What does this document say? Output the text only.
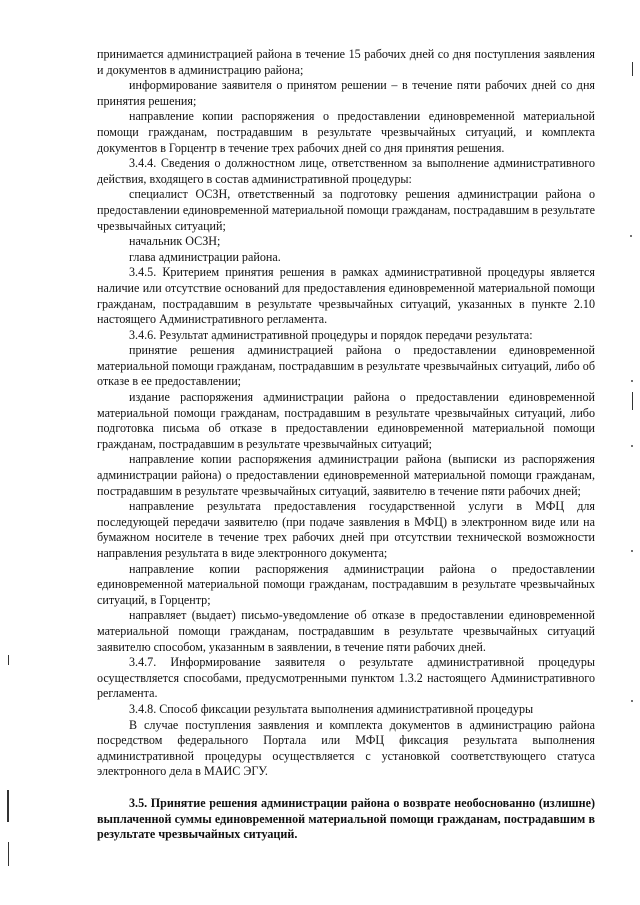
принимается администрацией района в течение 15 рабочих дней со дня поступления заявления и документов в администрацию района;

информирование заявителя о принятом решении – в течение пяти рабочих дней со дня принятия решения;

направление копии распоряжения о предоставлении единовременной материальной помощи гражданам, пострадавшим в результате чрезвычайных ситуаций, и комплекта документов в Горцентр в течение трех рабочих дней со дня принятия решения.

3.4.4. Сведения о должностном лице, ответственном за выполнение административного действия, входящего в состав административной процедуры:

специалист ОСЗН, ответственный за подготовку решения администрации района о предоставлении единовременной материальной помощи гражданам, пострадавшим в результате чрезвычайных ситуаций;

начальник ОСЗН;

глава администрации района.

3.4.5. Критерием принятия решения в рамках административной процедуры является наличие или отсутствие оснований для предоставления единовременной материальной помощи гражданам, пострадавшим в результате чрезвычайных ситуаций, указанных в пункте 2.10 настоящего Административного регламента.

3.4.6. Результат административной процедуры и порядок передачи результата:

принятие решения администрацией района о предоставлении единовременной материальной помощи гражданам, пострадавшим в результате чрезвычайных ситуаций, либо об отказе в ее предоставлении;

издание распоряжения администрации района о предоставлении единовременной материальной помощи гражданам, пострадавшим в результате чрезвычайных ситуаций, либо подготовка письма об отказе в предоставлении единовременной материальной помощи гражданам, пострадавшим в результате чрезвычайных ситуаций;

направление копии распоряжения администрации района (выписки из распоряжения администрации района) о предоставлении единовременной материальной помощи гражданам, пострадавшим в результате чрезвычайных ситуаций, заявителю в течение пяти рабочих дней;

направление результата предоставления государственной услуги в МФЦ для последующей передачи заявителю (при подаче заявления в МФЦ) в электронном виде или на бумажном носителе в течение трех рабочих дней при отсутствии технической возможности направления результата в виде электронного документа;

направление копии распоряжения администрации района о предоставлении единовременной материальной помощи гражданам, пострадавшим в результате чрезвычайных ситуаций, в Горцентр;

направляет (выдает) письмо-уведомление об отказе в предоставлении единовременной материальной помощи гражданам, пострадавшим в результате чрезвычайных ситуаций заявителю способом, указанным в заявлении, в течение пяти рабочих дней.

3.4.7. Информирование заявителя о результате административной процедуры осуществляется способами, предусмотренными пунктом 1.3.2 настоящего Административного регламента.

3.4.8. Способ фиксации результата выполнения административной процедуры

В случае поступления заявления и комплекта документов в администрацию района посредством федерального Портала или МФЦ фиксация результата выполнения административной процедуры осуществляется с установкой соответствующего статуса электронного дела в МАИС ЭГУ.

3.5. Принятие решения администрации района о возврате необоснованно (излишне) выплаченной суммы единовременной материальной помощи гражданам, пострадавшим в результате чрезвычайных ситуаций.
